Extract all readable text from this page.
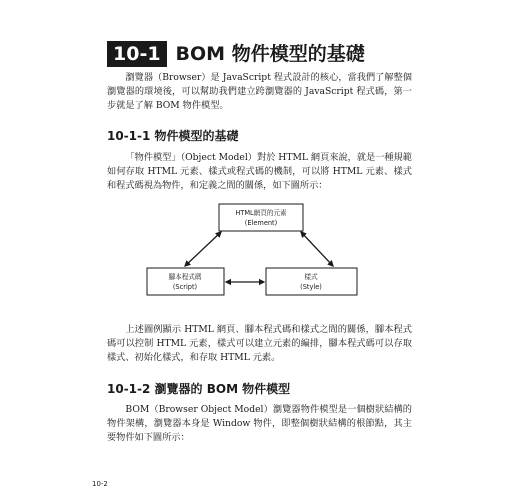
10-1 BOM 物件模型的基礎

瀏覽器（Browser）是 JavaScript 程式設計的核心，當我們了解整個瀏覽器的環境後，可以幫助我們建立跨瀏覽器的 JavaScript 程式碼，第一步就是了解 BOM 物件模型。

10-1-1 物件模型的基礎

「物件模型」（Object Model）對於 HTML 網頁來說，就是一種規範如何存取 HTML 元素、樣式或程式碼的機制，可以將 HTML 元素、樣式和程式碼視為物件，和定義之間的關係，如下圖所示：

HTML網頁的元素
(Element)
腳本程式碼
(Script)
樣式
(Style)

上述圖例顯示 HTML 網頁、腳本程式碼和樣式之間的關係，腳本程式碼可以控制 HTML 元素，樣式可以建立元素的編排，腳本程式碼可以存取樣式、初始化樣式，和存取 HTML 元素。

10-1-2 瀏覽器的 BOM 物件模型

BOM（Browser Object Model）瀏覽器物件模型是一個樹狀結構的物件架構，瀏覽器本身是 Window 物件，即整個樹狀結構的根節點，其主要物件如下圖所示：

10-2
